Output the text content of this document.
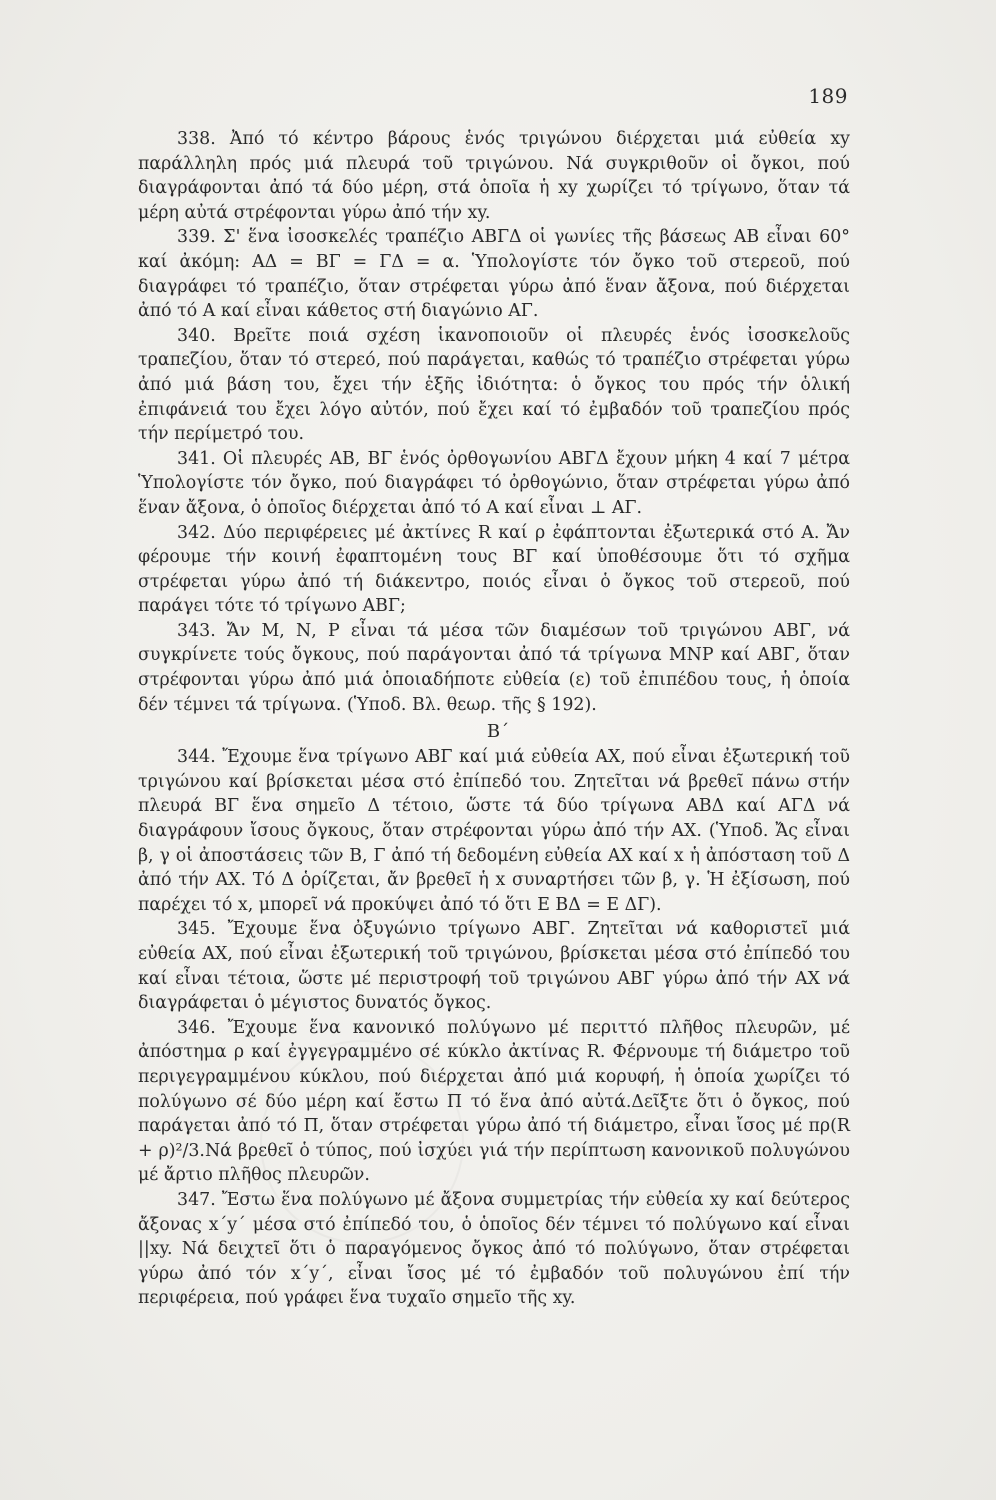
189

338. Ἀπό τό κέντρο βάρους ἑνός τριγώνου διέρχεται μιά εὐθεία xy παράλληλη πρός μιά πλευρά τοῦ τριγώνου. Νά συγκριθοῦν οἱ ὄγκοι, πού διαγράφονται ἀπό τά δύο μέρη, στά ὁποῖα ἡ xy χωρίζει τό τρίγωνο, ὅταν τά μέρη αὐτά στρέφονται γύρω ἀπό τήν xy.

339. Σ' ἕνα ἰσοσκελές τραπέζιο ΑΒΓΔ οἱ γωνίες τῆς βάσεως ΑΒ εἶναι 60° καί ἀκόμη: ΑΔ = ΒΓ = ΓΔ = α. Ὑπολογίστε τόν ὄγκο τοῦ στερεοῦ, πού διαγράφει τό τραπέζιο, ὅταν στρέφεται γύρω ἀπό ἕναν ἄξονα, πού διέρχεται ἀπό τό Α καί εἶναι κάθετος στή διαγώνιο ΑΓ.

340. Βρεῖτε ποιά σχέση ἱκανοποιοῦν οἱ πλευρές ἑνός ἰσοσκελοῦς τραπεζίου, ὅταν τό στερεό, πού παράγεται, καθώς τό τραπέζιο στρέφεται γύρω ἀπό μιά βάση του, ἔχει τήν ἑξῆς ἰδιότητα: ὁ ὄγκος του πρός τήν ὁλική ἐπιφάνειά του ἔχει λόγο αὐτόν, πού ἔχει καί τό ἐμβαδόν τοῦ τραπεζίου πρός τήν περίμετρό του.

341. Οἱ πλευρές ΑΒ, ΒΓ ἑνός ὀρθογωνίου ΑΒΓΔ ἔχουν μήκη 4 καί 7 μέτρα Ὑπολογίστε τόν ὄγκο, πού διαγράφει τό ὀρθογώνιο, ὅταν στρέφεται γύρω ἀπό ἕναν ἄξονα, ὁ ὁποῖος διέρχεται ἀπό τό Α καί εἶναι ⊥ ΑΓ.

342. Δύο περιφέρειες μέ ἀκτίνες R καί ρ ἐφάπτονται ἐξωτερικά στό Α. Ἄν φέρουμε τήν κοινή ἐφαπτομένη τους ΒΓ καί ὑποθέσουμε ὅτι τό σχῆμα στρέφεται γύρω ἀπό τή διάκεντρο, ποιός εἶναι ὁ ὄγκος τοῦ στερεοῦ, πού παράγει τότε τό τρίγωνο ΑΒΓ;

343. Ἄν Μ, Ν, Ρ εἶναι τά μέσα τῶν διαμέσων τοῦ τριγώνου ΑΒΓ, νά συγκρίνετε τούς ὄγκους, πού παράγονται ἀπό τά τρίγωνα ΜΝΡ καί ΑΒΓ, ὅταν στρέφονται γύρω ἀπό μιά ὁποιαδήποτε εὐθεία (ε) τοῦ ἐπιπέδου τους, ἡ ὁποία δέν τέμνει τά τρίγωνα. (Ὑποδ. Βλ. θεωρ. τῆς § 192).

Β΄

344. Ἔχουμε ἕνα τρίγωνο ΑΒΓ καί μιά εὐθεία ΑΧ, πού εἶναι ἐξωτερική τοῦ τριγώνου καί βρίσκεται μέσα στό ἐπίπεδό του. Ζητεῖται νά βρεθεῖ πάνω στήν πλευρά ΒΓ ἕνα σημεῖο Δ τέτοιο, ὥστε τά δύο τρίγωνα ΑΒΔ καί ΑΓΔ νά διαγράφουν ἴσους ὄγκους, ὅταν στρέφονται γύρω ἀπό τήν ΑΧ. (Ὑποδ. Ἄς εἶναι β, γ οἱ ἀποστάσεις τῶν Β, Γ ἀπό τή δεδομένη εὐθεία ΑΧ καί x ἡ ἀπόσταση τοῦ Δ ἀπό τήν ΑΧ. Τό Δ ὁρίζεται, ἄν βρεθεῖ ἡ x συναρτήσει τῶν β, γ. Ἡ ἐξίσωση, πού παρέχει τό x, μπορεῖ νά προκύψει ἀπό τό ὅτι Ε ΒΔ = Ε ΔΓ).

345. Ἔχουμε ἕνα ὀξυγώνιο τρίγωνο ΑΒΓ. Ζητεῖται νά καθοριστεῖ μιά εὐθεία ΑΧ, πού εἶναι ἐξωτερική τοῦ τριγώνου, βρίσκεται μέσα στό ἐπίπεδό του καί εἶναι τέτοια, ὥστε μέ περιστροφή τοῦ τριγώνου ΑΒΓ γύρω ἀπό τήν ΑΧ νά διαγράφεται ὁ μέγιστος δυνατός ὄγκος.

346. Ἔχουμε ἕνα κανονικό πολύγωνο μέ περιττό πλῆθος πλευρῶν, μέ ἀπόστημα ρ καί ἐγγεγραμμένο σέ κύκλο ἀκτίνας R. Φέρνουμε τή διάμετρο τοῦ περιγεγραμμένου κύκλου, πού διέρχεται ἀπό μιά κορυφή, ἡ ὁποία χωρίζει τό πολύγωνο σέ δύο μέρη καί ἔστω Π τό ἕνα ἀπό αὐτά.Δεῖξτε ὅτι ὁ ὄγκος, πού παράγεται ἀπό τό Π, ὅταν στρέφεται γύρω ἀπό τή διάμετρο, εἶναι ἴσος μέ πρ(R + ρ)²/3.Νά βρεθεῖ ὁ τύπος, πού ἰσχύει γιά τήν περίπτωση κανονικοῦ πολυγώνου μέ ἄρτιο πλῆθος πλευρῶν.

347. Ἔστω ἕνα πολύγωνο μέ ἄξονα συμμετρίας τήν εὐθεία xy καί δεύτερος ἄξονας x΄y΄ μέσα στό ἐπίπεδό του, ὁ ὁποῖος δέν τέμνει τό πολύγωνο καί εἶναι ||xy. Νά δειχτεῖ ὅτι ὁ παραγόμενος ὄγκος ἀπό τό πολύγωνο, ὅταν στρέφεται γύρω ἀπό τόν x΄y΄, εἶναι ἴσος μέ τό ἐμβαδόν τοῦ πολυγώνου ἐπί τήν περιφέρεια, πού γράφει ἕνα τυχαῖο σημεῖο τῆς xy.
